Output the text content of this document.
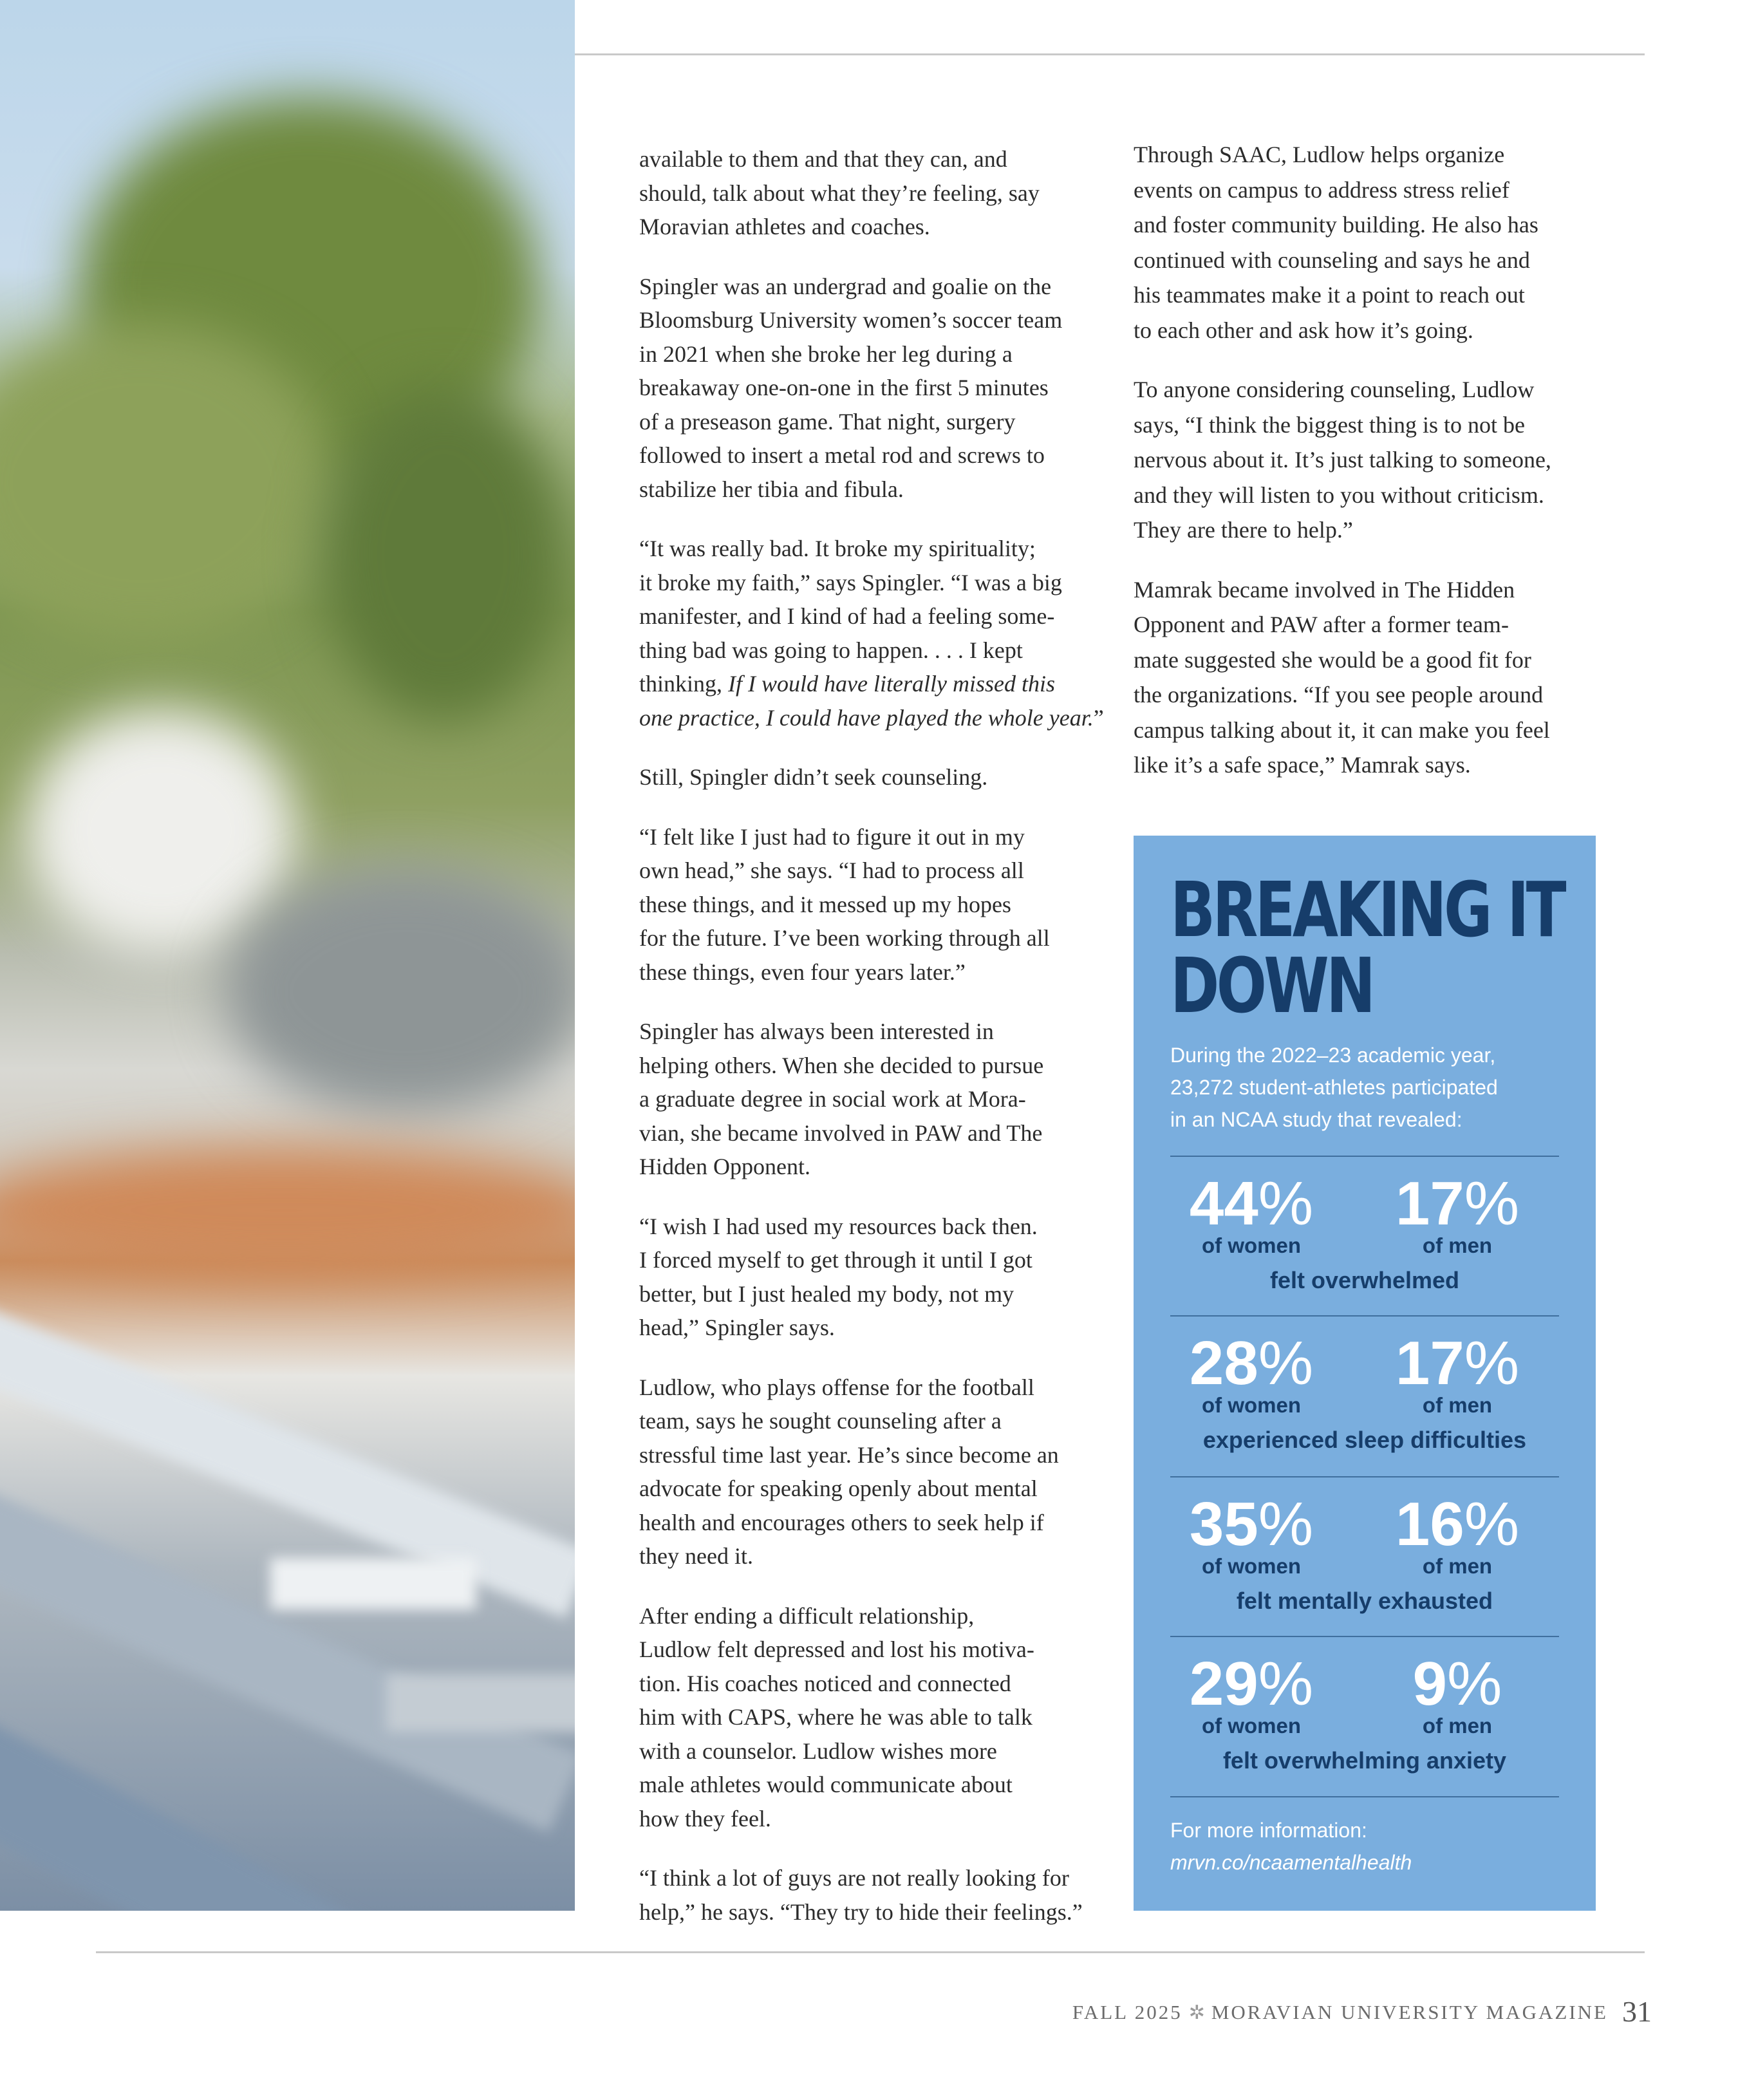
available to them and that they can, and
should, talk about what they’re feeling, say
Moravian athletes and coaches.

Spingler was an undergrad and goalie on the
Bloomsburg University women’s soccer team
in 2021 when she broke her leg during a
breakaway one-on-one in the first 5 minutes
of a preseason game. That night, surgery
followed to insert a metal rod and screws to
stabilize her tibia and fibula.

“It was really bad. It broke my spirituality;
it broke my faith,” says Spingler. “I was a big
manifester, and I kind of had a feeling some-
thing bad was going to happen. . . . I kept
thinking, If I would have literally missed this
one practice, I could have played the whole year.”

Still, Spingler didn’t seek counseling.

“I felt like I just had to figure it out in my
own head,” she says. “I had to process all
these things, and it messed up my hopes
for the future. I’ve been working through all
these things, even four years later.”

Spingler has always been interested in
helping others. When she decided to pursue
a graduate degree in social work at Mora-
vian, she became involved in PAW and The
Hidden Opponent.

“I wish I had used my resources back then.
I forced myself to get through it until I got
better, but I just healed my body, not my
head,” Spingler says.

Ludlow, who plays offense for the football
team, says he sought counseling after a
stressful time last year. He’s since become an
advocate for speaking openly about mental
health and encourages others to seek help if
they need it.

After ending a difficult relationship,
Ludlow felt depressed and lost his motiva-
tion. His coaches noticed and connected
him with CAPS, where he was able to talk
with a counselor. Ludlow wishes more
male athletes would communicate about
how they feel.

“I think a lot of guys are not really looking for
help,” he says. “They try to hide their feelings.”

Through SAAC, Ludlow helps organize
events on campus to address stress relief
and foster community building. He also has
continued with counseling and says he and
his teammates make it a point to reach out
to each other and ask how it’s going.

To anyone considering counseling, Ludlow
says, “I think the biggest thing is to not be
nervous about it. It’s just talking to someone,
and they will listen to you without criticism.
They are there to help.”

Mamrak became involved in The Hidden
Opponent and PAW after a former team-
mate suggested she would be a good fit for
the organizations. “If you see people around
campus talking about it, it can make you feel
like it’s a safe space,” Mamrak says.

BREAKING IT
DOWN
During the 2022–23 academic year,
23,272 student-athletes participated
in an NCAA study that revealed:
44% 17%
of women	of men
felt overwhelmed
28% 17%
of women	of men
experienced sleep difficulties
35% 16%
of women	of men
felt mentally exhausted
29%	9%
of women	of men
felt overwhelming anxiety
For more information:
mrvn.co/ncaamentalhealth
FALL 2025 ✲ MORAVIAN UNIVERSITY MAGAZINE 31
